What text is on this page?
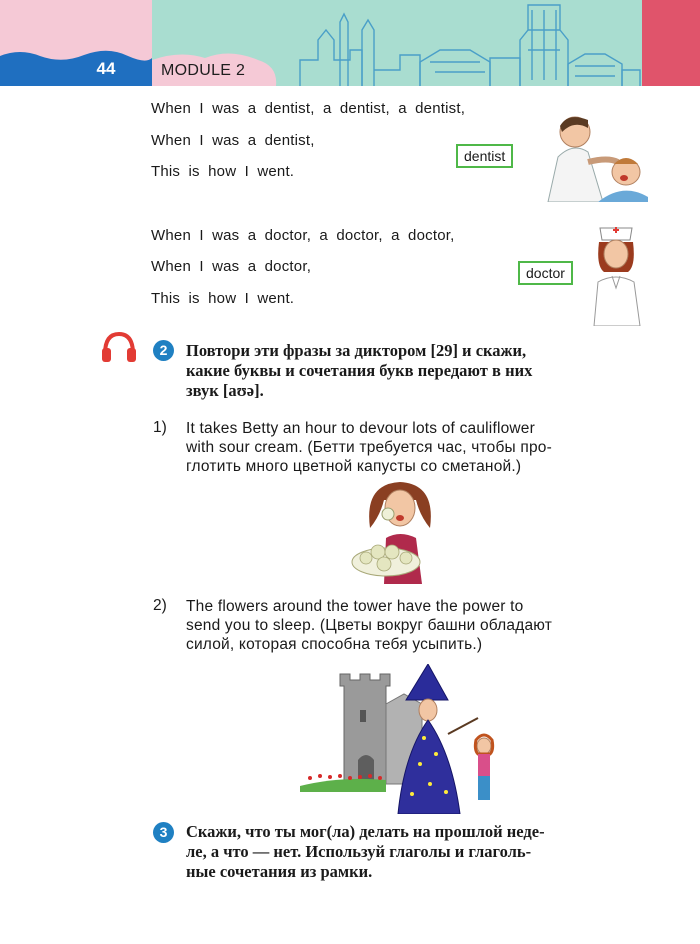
44	MODULE 2
When I was a dentist, a dentist, a dentist,
When I was a dentist,
This is how I went.
When I was a doctor, a doctor, a doctor,
When I was a doctor,
This is how I went.
dentist
doctor
2	Повтори эти фразы за диктором [29] и скажи,
какие буквы и сочетания букв передают в них
звук [aʊə].
1) It takes Betty an hour to devour lots of cauliflower
with sour cream. (Бетти требуется час, чтобы про-
глотить много цветной капусты со сметаной.)
2) The flowers around the tower have the power to
send you to sleep. (Цветы вокруг башни обладают
силой, которая способна тебя усыпить.)
3	Скажи, что ты мог(ла) делать на прошлой неде-
ле, а что — нет. Используй глаголы и глаголь-
ные сочетания из рамки.
